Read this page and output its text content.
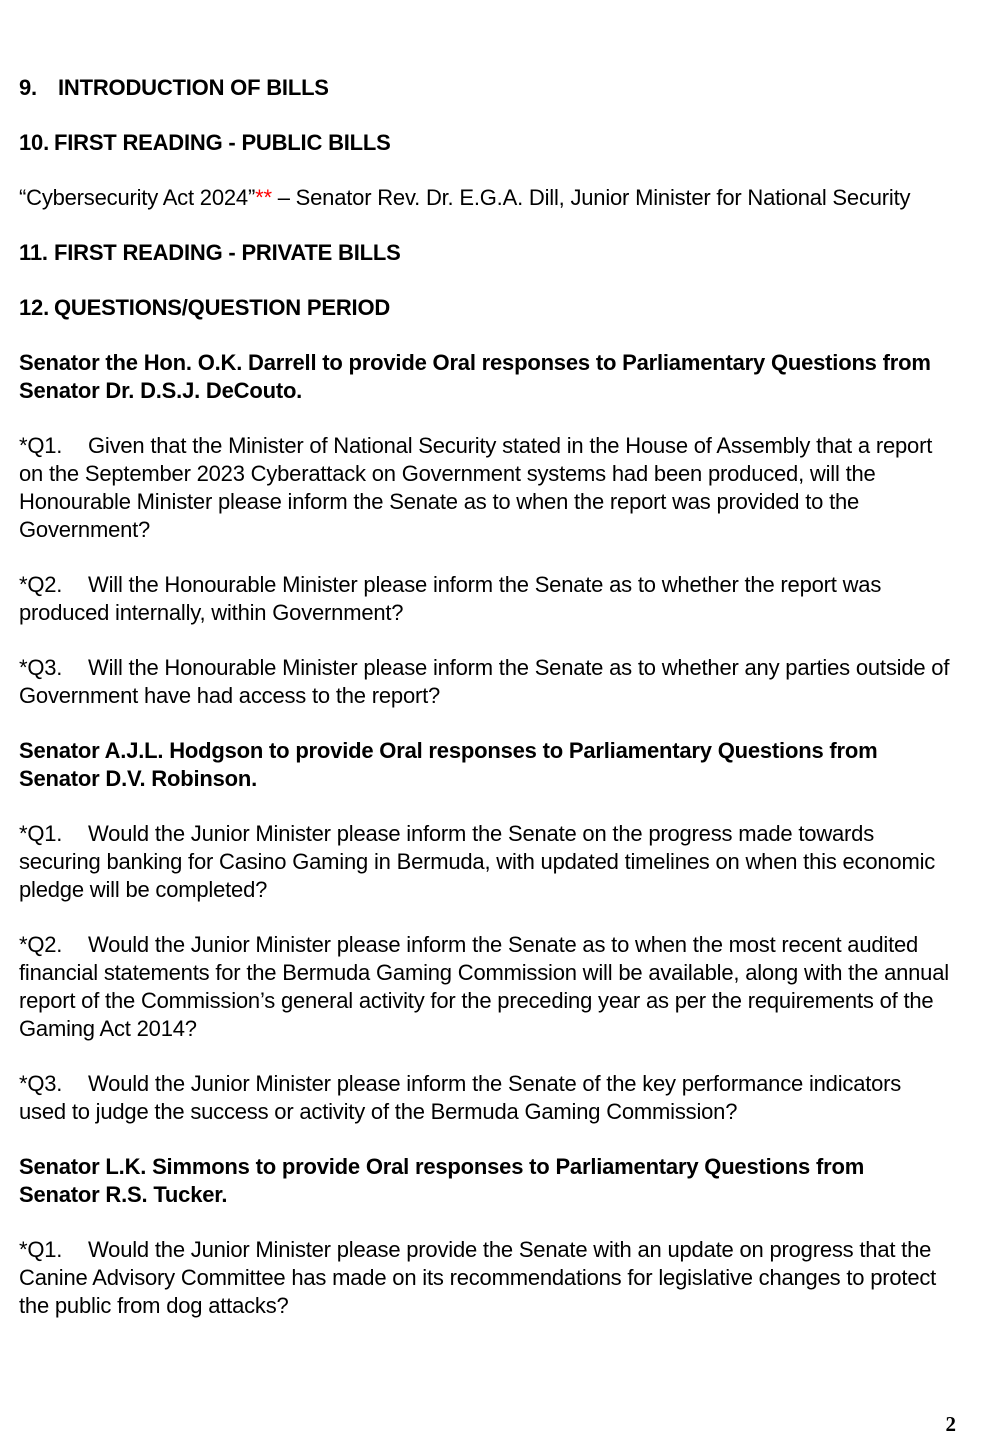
9. INTRODUCTION OF BILLS

10. FIRST READING - PUBLIC BILLS

“Cybersecurity Act 2024”** – Senator Rev. Dr. E.G.A. Dill, Junior Minister for National Security

11. FIRST READING - PRIVATE BILLS

12. QUESTIONS/QUESTION PERIOD

Senator the Hon. O.K. Darrell to provide Oral responses to Parliamentary Questions from Senator Dr. D.S.J. DeCouto.

*Q1. Given that the Minister of National Security stated in the House of Assembly that a report on the September 2023 Cyberattack on Government systems had been produced, will the Honourable Minister please inform the Senate as to when the report was provided to the Government?

*Q2. Will the Honourable Minister please inform the Senate as to whether the report was produced internally, within Government?

*Q3. Will the Honourable Minister please inform the Senate as to whether any parties outside of Government have had access to the report?

Senator A.J.L. Hodgson to provide Oral responses to Parliamentary Questions from Senator D.V. Robinson.

*Q1. Would the Junior Minister please inform the Senate on the progress made towards securing banking for Casino Gaming in Bermuda, with updated timelines on when this economic pledge will be completed?

*Q2. Would the Junior Minister please inform the Senate as to when the most recent audited financial statements for the Bermuda Gaming Commission will be available, along with the annual report of the Commission’s general activity for the preceding year as per the requirements of the Gaming Act 2014?

*Q3. Would the Junior Minister please inform the Senate of the key performance indicators used to judge the success or activity of the Bermuda Gaming Commission?

Senator L.K. Simmons to provide Oral responses to Parliamentary Questions from Senator R.S. Tucker.

*Q1. Would the Junior Minister please provide the Senate with an update on progress that the Canine Advisory Committee has made on its recommendations for legislative changes to protect the public from dog attacks?

2
